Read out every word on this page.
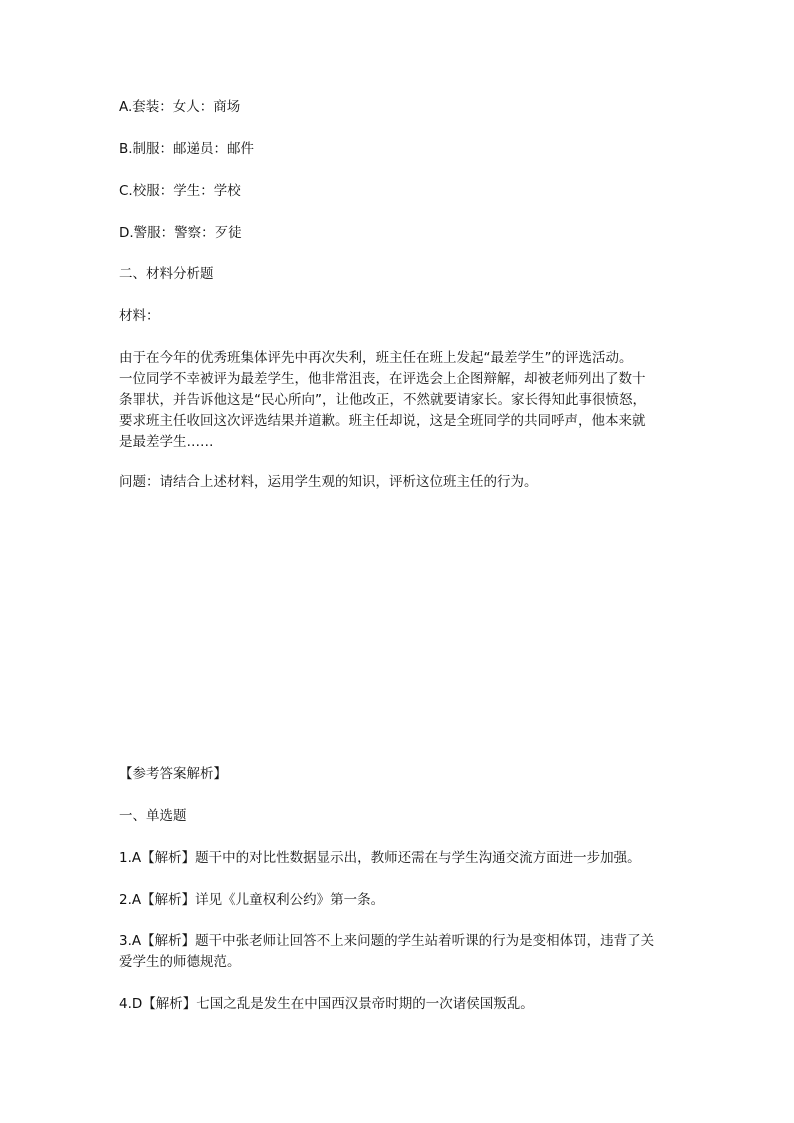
A.套装：女人：商场
B.制服：邮递员：邮件
C.校服：学生：学校
D.警服：警察：歹徒
二、材料分析题
材料：
由于在今年的优秀班集体评先中再次失利，班主任在班上发起“最差学生”的评选活动。
一位同学不幸被评为最差学生，他非常沮丧，在评选会上企图辩解，却被老师列出了数十
条罪状，并告诉他这是“民心所向”，让他改正，不然就要请家长。家长得知此事很愤怒，
要求班主任收回这次评选结果并道歉。班主任却说，这是全班同学的共同呼声，他本来就
是最差学生……
问题：请结合上述材料，运用学生观的知识，评析这位班主任的行为。
【参考答案解析】
一、单选题
1.A【解析】题干中的对比性数据显示出，教师还需在与学生沟通交流方面进一步加强。
2.A【解析】详见《儿童权利公约》第一条。
3.A【解析】题干中张老师让回答不上来问题的学生站着听课的行为是变相体罚，违背了关
爱学生的师德规范。
4.D【解析】七国之乱是发生在中国西汉景帝时期的一次诸侯国叛乱。
